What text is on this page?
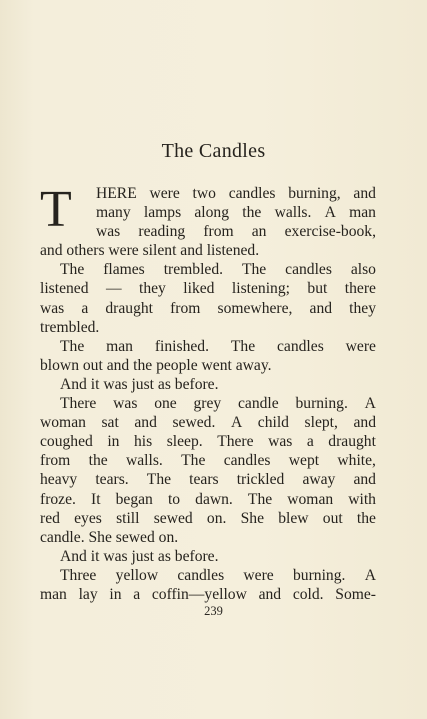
The Candles
T HERE were two candles burning, and
many lamps along the walls. A man
was reading from an exercise-book,
and others were silent and listened.
The flames trembled. The candles also
listened — they liked listening; but there
was a draught from somewhere, and they
trembled.
The man finished. The candles were
blown out and the people went away.
And it was just as before.
There was one grey candle burning. A
woman sat and sewed. A child slept, and
coughed in his sleep. There was a draught
from the walls. The candles wept white,
heavy tears. The tears trickled away and
froze. It began to dawn. The woman with
red eyes still sewed on. She blew out the
candle. She sewed on.
And it was just as before.
Three yellow candles were burning. A
man lay in a coffin—yellow and cold. Some-
239
